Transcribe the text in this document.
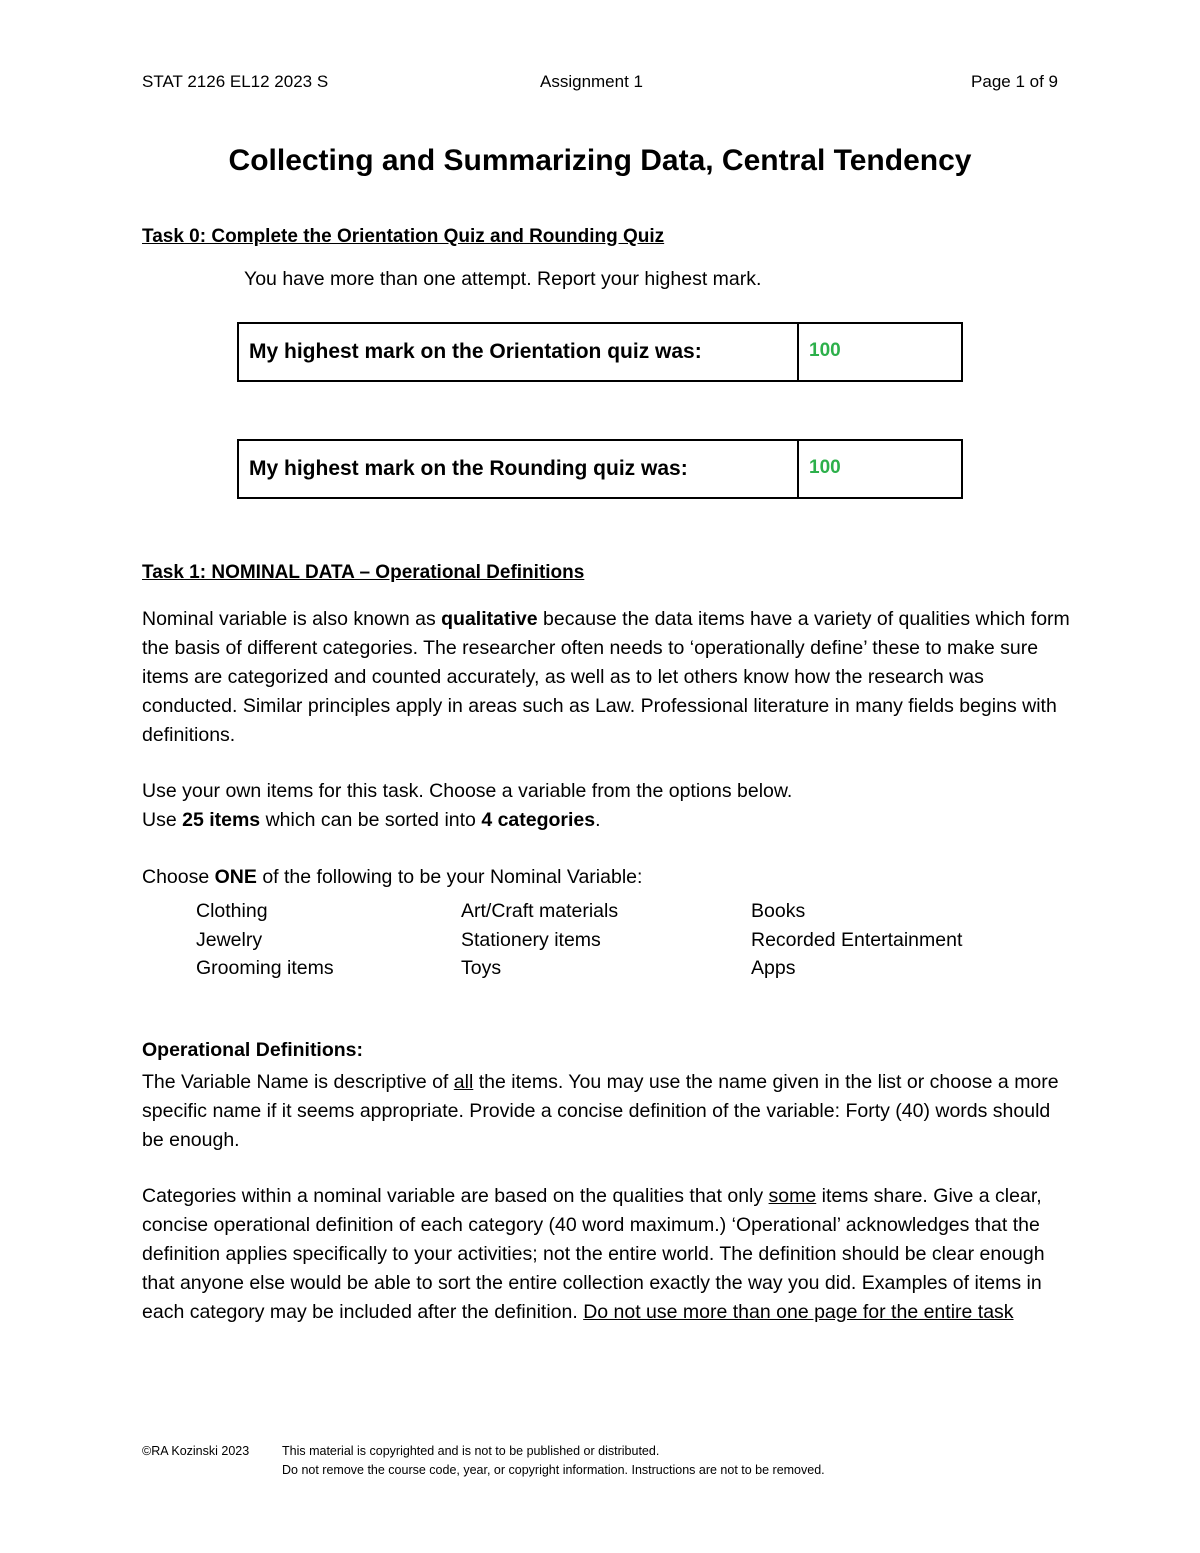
STAT 2126 EL12 2023 S	Assignment 1	Page 1 of 9
Collecting and Summarizing Data, Central Tendency
Task 0: Complete the Orientation Quiz and Rounding Quiz
You have more than one attempt. Report your highest mark.
My highest mark on the Orientation quiz was:	100
My highest mark on the Rounding quiz was:	100
Task 1: NOMINAL DATA – Operational Definitions
Nominal variable is also known as qualitative because the data items have a variety of qualities which form the basis of different categories. The researcher often needs to ‘operationally define’ these to make sure items are categorized and counted accurately, as well as to let others know how the research was conducted. Similar principles apply in areas such as Law. Professional literature in many fields begins with definitions.
Use your own items for this task. Choose a variable from the options below.
Use 25 items which can be sorted into 4 categories.
Choose ONE of the following to be your Nominal Variable:
Clothing	Art/Craft materials	Books
Jewelry	Stationery items	Recorded Entertainment
Grooming items	Toys	Apps
Operational Definitions:
The Variable Name is descriptive of all the items. You may use the name given in the list or choose a more specific name if it seems appropriate. Provide a concise definition of the variable: Forty (40) words should be enough.
Categories within a nominal variable are based on the qualities that only some items share. Give a clear, concise operational definition of each category (40 word maximum.) ‘Operational’ acknowledges that the definition applies specifically to your activities; not the entire world. The definition should be clear enough that anyone else would be able to sort the entire collection exactly the way you did. Examples of items in each category may be included after the definition. Do not use more than one page for the entire task
©RA Kozinski 2023	This material is copyrighted and is not to be published or distributed.
Do not remove the course code, year, or copyright information. Instructions are not to be removed.
